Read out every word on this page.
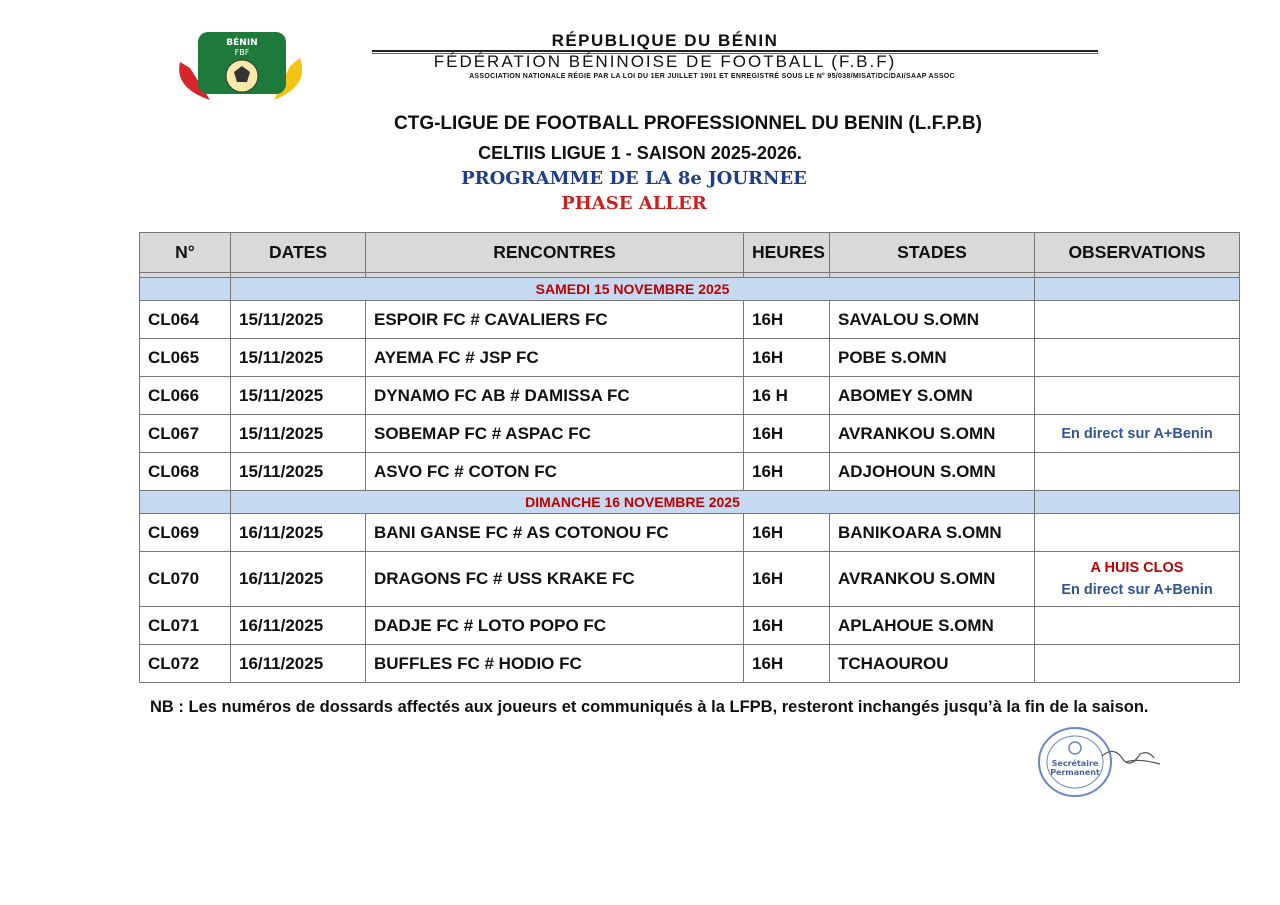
BÉNIN
FBF
RÉPUBLIQUE DU BÉNIN
FÉDÉRATION BÉNINOISE DE FOOTBALL (F.B.F)
ASSOCIATION NATIONALE RÉGIE PAR LA LOI DU 1ER JUILLET 1901 ET ENREGISTRÉ SOUS LE N° 95/038/MISAT/DC/DAI/SAAP ASSOC
CTG-LIGUE DE FOOTBALL PROFESSIONNEL DU BENIN (L.F.P.B)
CELTIIS LIGUE 1 - SAISON 2025-2026.
PROGRAMME DE LA 8e JOURNEE
PHASE ALLER
N°	DATES	RENCONTRES	HEURES	STADES	OBSERVATIONS

	SAMEDI 15 NOVEMBRE 2025				
CL064	15/11/2025	ESPOIR FC # CAVALIERS FC	16H	SAVALOU S.OMN	
CL065	15/11/2025	AYEMA FC # JSP FC	16H	POBE S.OMN	
CL066	15/11/2025	DYNAMO FC AB # DAMISSA FC	16 H	ABOMEY S.OMN	
CL067	15/11/2025	SOBEMAP FC # ASPAC FC	16H	AVRANKOU S.OMN	En direct sur A+Benin

CL068	15/11/2025	ASVO FC # COTON FC	16H	ADJOHOUN S.OMN	
	DIMANCHE 16 NOVEMBRE 2025				
CL069	16/11/2025	BANI GANSE FC # AS COTONOU FC	16H	BANIKOARA S.OMN	
CL070	16/11/2025	DRAGONS FC # USS KRAKE FC	16H	AVRANKOU S.OMN	A HUIS CLOS
En direct sur A+Benin

CL071	16/11/2025	DADJE FC # LOTO POPO FC	16H	APLAHOUE S.OMN	
CL072	16/11/2025	BUFFLES FC # HODIO FC	16H	TCHAOUROU	
NB : Les numéros de dossards affectés aux joueurs et communiqués à la LFPB, resteront inchangés jusqu’à la fin de la saison.
Secrétaire
Permanent
